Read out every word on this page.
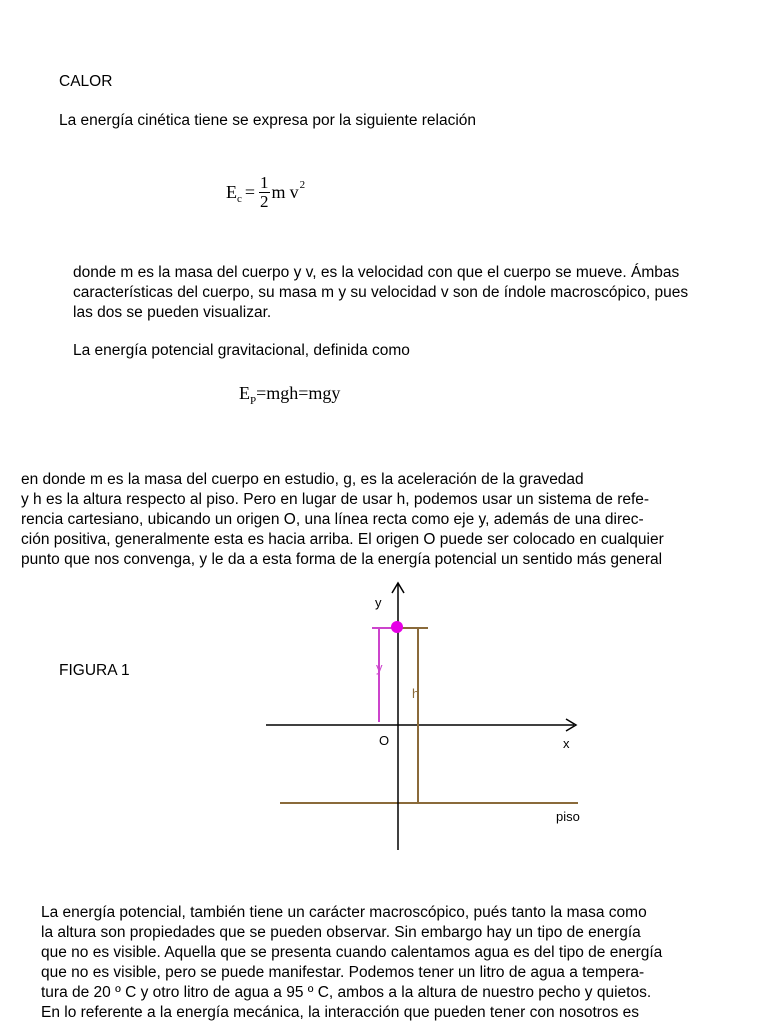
CALOR
La energía cinética tiene se expresa por la siguiente relación
E $c = \frac{1}{2}$ m v 2
donde m es la masa del cuerpo y v, es la velocidad con que el cuerpo se mueve. Ámbas
características del cuerpo, su masa m y su velocidad v son de índole macroscópico, pues
las dos se pueden visualizar.
La energía potencial gravitacional, definida como
$E_P=mgh=mgy$
en donde m es la masa del cuerpo en estudio, g, es la aceleración de la gravedad
y h es la altura respecto al piso. Pero en lugar de usar h, podemos usar un sistema de refe-
rencia cartesiano, ubicando un origen O, una línea recta como eje y, además de una direc-
ción positiva, generalmente esta es hacia arriba. El origen O puede ser colocado en cualquier
punto que nos convenga, y le da a esta forma de la energía potencial un sentido más general
FIGURA 1
y
x
O
y
h
piso
La energía potencial, también tiene un carácter macroscópico, pués tanto la masa como
la altura son propiedades que se pueden observar. Sin embargo hay un tipo de energía
que no es visible. Aquella que se presenta cuando calentamos agua es del tipo de energía
que no es visible, pero se puede manifestar. Podemos tener un litro de agua a tempera-
tura de 20 º C y otro litro de agua a 95 º C, ambos a la altura de nuestro pecho y quietos.
En lo referente a la energía mecánica, la interacción que pueden tener con nosotros es
